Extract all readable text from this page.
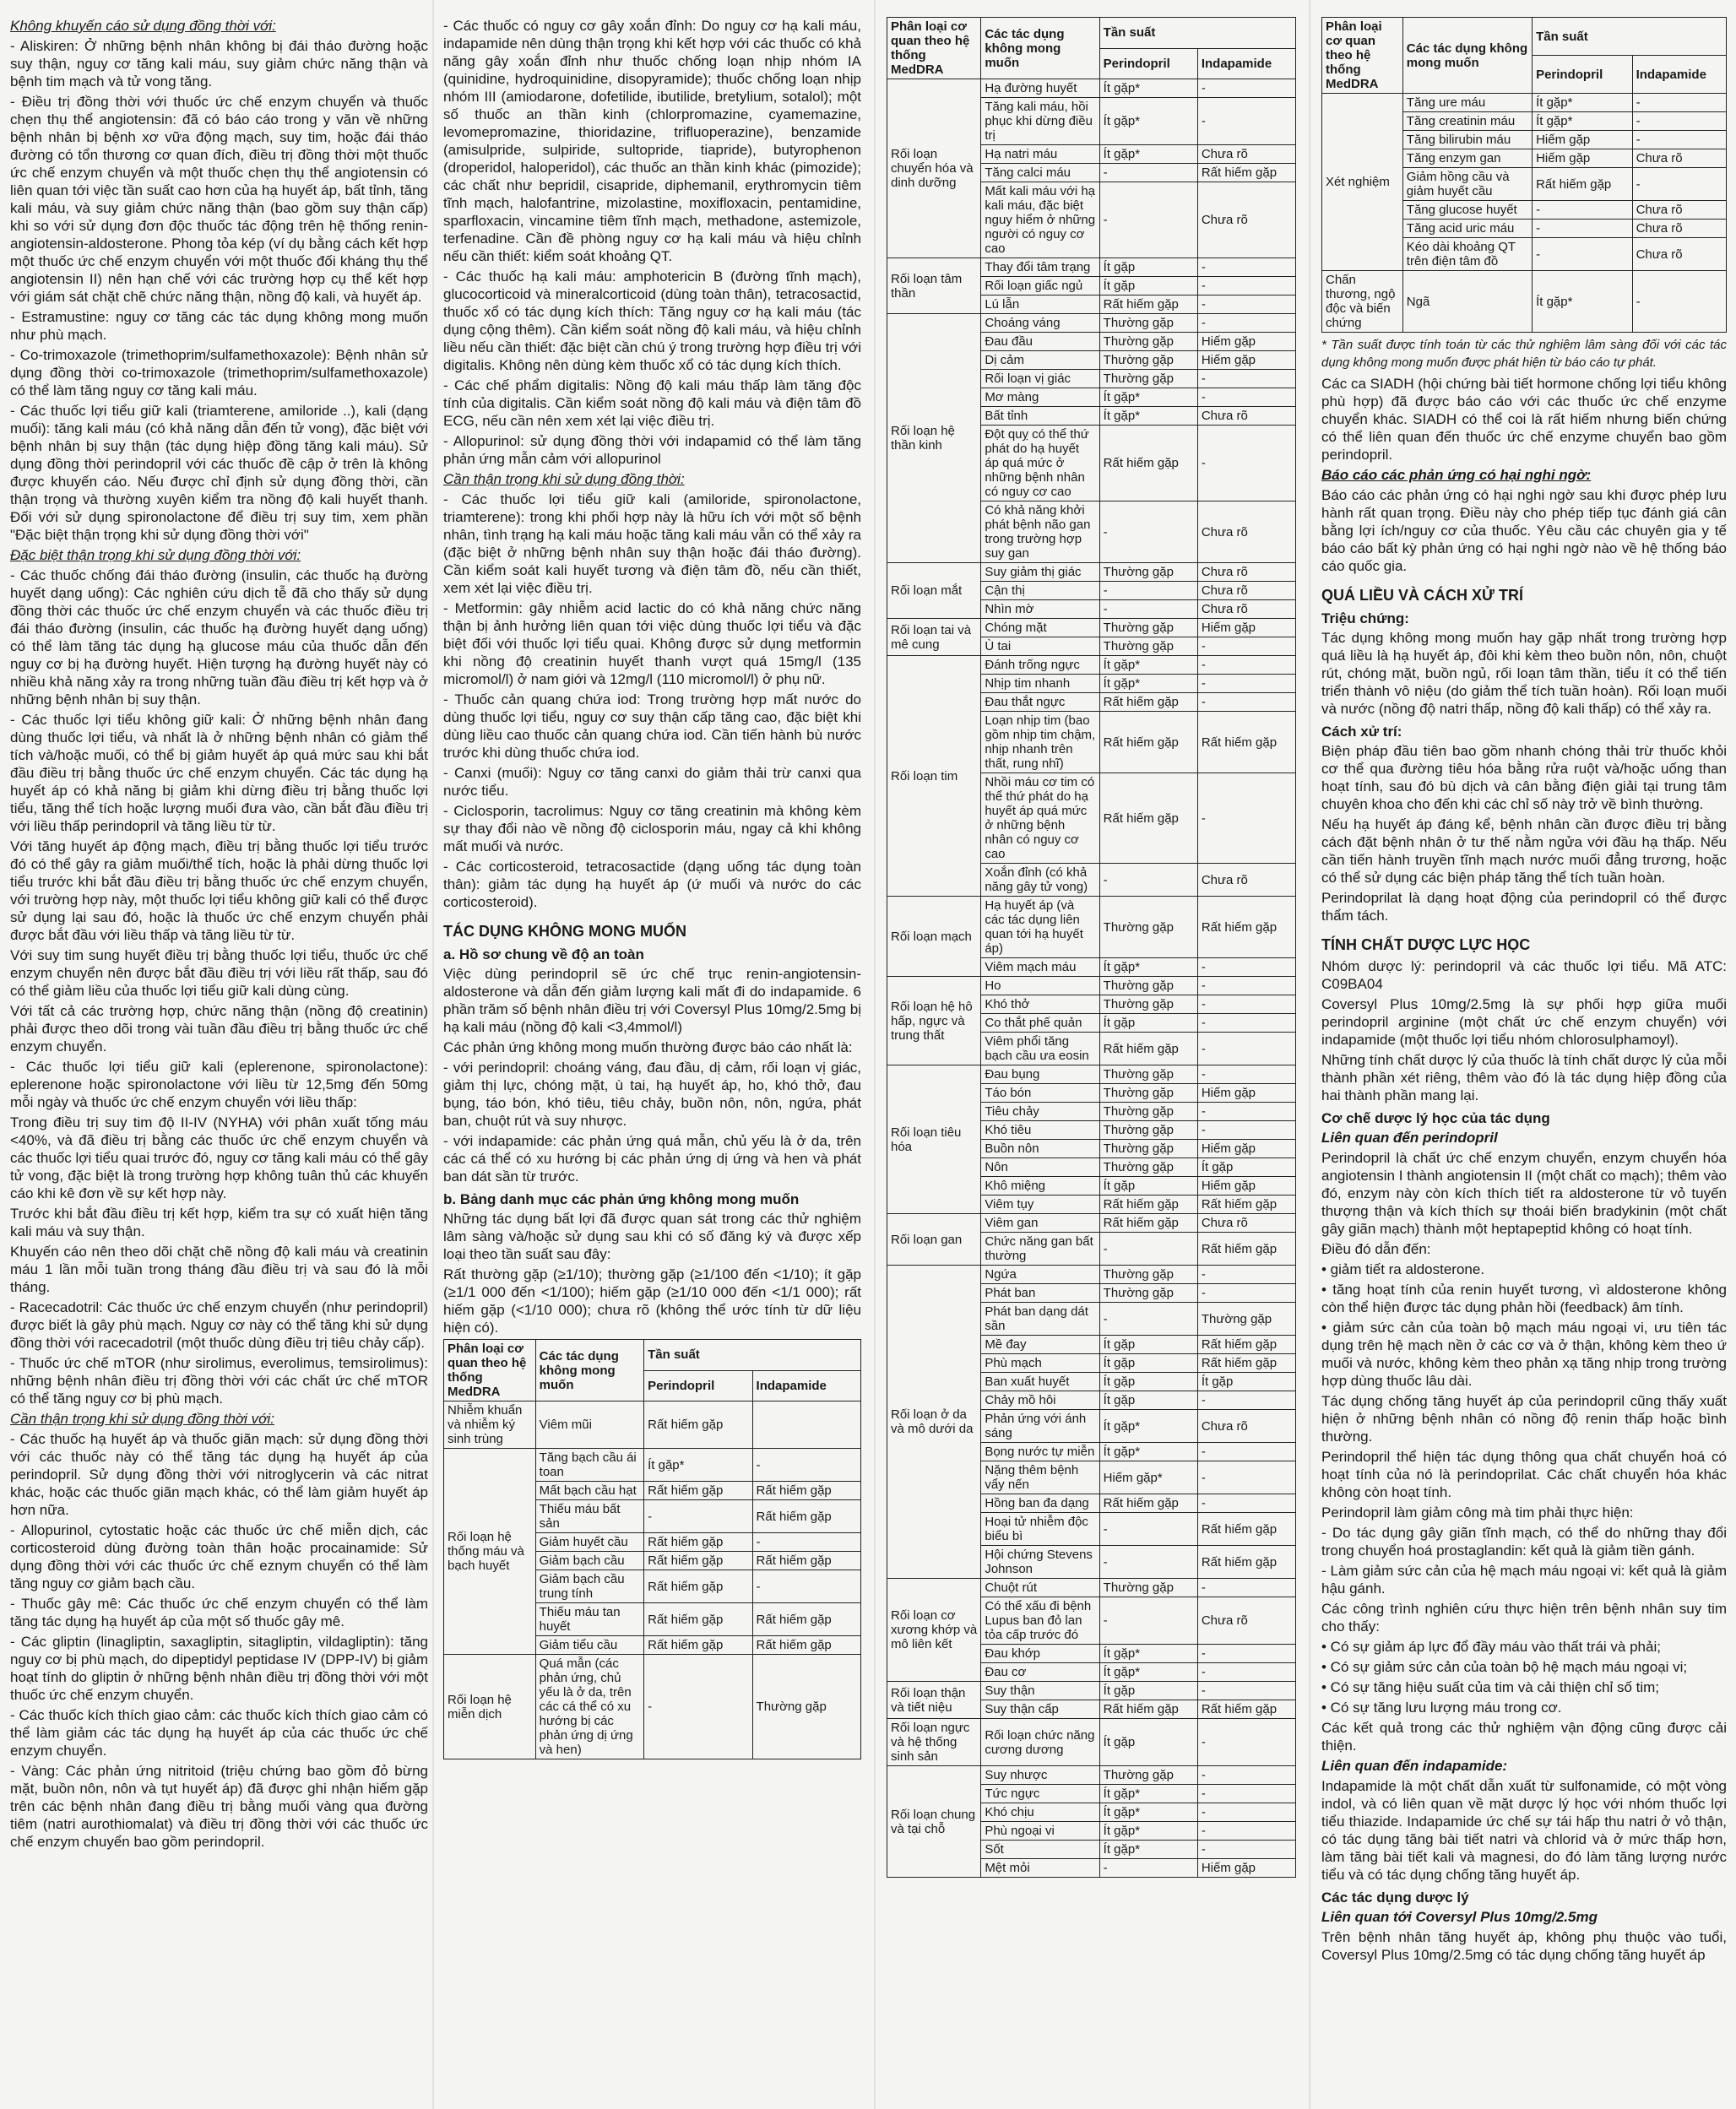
Không khuyến cáo sử dụng đồng thời với:

- Aliskiren: Ở những bệnh nhân không bị đái tháo đường hoặc suy thận, nguy cơ tăng kali máu, suy giảm chức năng thận và bệnh tim mạch và tử vong tăng.

- Điều trị đồng thời với thuốc ức chế enzym chuyển và thuốc chẹn thụ thể angiotensin: đã có báo cáo trong y văn về những bệnh nhân bị bệnh xơ vữa động mạch, suy tim, hoặc đái tháo đường có tổn thương cơ quan đích, điều trị đồng thời một thuốc ức chế enzym chuyển và một thuốc chẹn thụ thể angiotensin có liên quan tới việc tần suất cao hơn của hạ huyết áp, bất tỉnh, tăng kali máu, và suy giảm chức năng thận (bao gồm suy thận cấp) khi so với sử dụng đơn độc thuốc tác động trên hệ thống renin-angiotensin-aldosterone. Phong tỏa kép (ví dụ bằng cách kết hợp một thuốc ức chế enzym chuyển với một thuốc đối kháng thụ thể angiotensin II) nên hạn chế với các trường hợp cụ thể kết hợp với giám sát chặt chẽ chức năng thận, nồng độ kali, và huyết áp.

- Estramustine: nguy cơ tăng các tác dụng không mong muốn như phù mạch.

- Co-trimoxazole (trimethoprim/sulfamethoxazole): Bệnh nhân sử dụng đồng thời co-trimoxazole (trimethoprim/sulfamethoxazole) có thể làm tăng nguy cơ tăng kali máu.

- Các thuốc lợi tiểu giữ kali (triamterene, amiloride ..), kali (dạng muối): tăng kali máu (có khả năng dẫn đến tử vong), đặc biệt với bệnh nhân bị suy thận (tác dụng hiệp đồng tăng kali máu). Sử dụng đồng thời perindopril với các thuốc đề cập ở trên là không được khuyến cáo. Nếu được chỉ định sử dụng đồng thời, cần thận trọng và thường xuyên kiểm tra nồng độ kali huyết thanh. Đối với sử dụng spironolactone để điều trị suy tim, xem phần "Đặc biệt thận trọng khi sử dụng đồng thời với"

Đặc biệt thận trọng khi sử dụng đồng thời với:

- Các thuốc chống đái tháo đường (insulin, các thuốc hạ đường huyết dạng uống): Các nghiên cứu dịch tễ đã cho thấy sử dụng đồng thời các thuốc ức chế enzym chuyển và các thuốc điều trị đái tháo đường (insulin, các thuốc hạ đường huyết dạng uống) có thể làm tăng tác dụng hạ glucose máu của thuốc dẫn đến nguy cơ bị hạ đường huyết. Hiện tượng hạ đường huyết này có nhiều khả năng xảy ra trong những tuần đầu điều trị kết hợp và ở những bệnh nhân bị suy thận.

- Các thuốc lợi tiểu không giữ kali: Ở những bệnh nhân đang dùng thuốc lợi tiểu, và nhất là ở những bệnh nhân có giảm thể tích và/hoặc muối, có thể bị giảm huyết áp quá mức sau khi bắt đầu điều trị bằng thuốc ức chế enzym chuyển. Các tác dụng hạ huyết áp có khả năng bị giảm khi dừng điều trị bằng thuốc lợi tiểu, tăng thể tích hoặc lượng muối đưa vào, cần bắt đầu điều trị với liều thấp perindopril và tăng liều từ từ.

Với tăng huyết áp động mạch, điều trị bằng thuốc lợi tiểu trước đó có thể gây ra giảm muối/thể tích, hoặc là phải dừng thuốc lợi tiểu trước khi bắt đầu điều trị bằng thuốc ức chế enzym chuyển, với trường hợp này, một thuốc lợi tiểu không giữ kali có thể được sử dụng lại sau đó, hoặc là thuốc ức chế enzym chuyển phải được bắt đầu với liều thấp và tăng liều từ từ.

Với suy tim sung huyết điều trị bằng thuốc lợi tiểu, thuốc ức chế enzym chuyển nên được bắt đầu điều trị với liều rất thấp, sau đó có thể giảm liều của thuốc lợi tiểu giữ kali dùng cùng.

Với tất cả các trường hợp, chức năng thận (nồng độ creatinin) phải được theo dõi trong vài tuần đầu điều trị bằng thuốc ức chế enzym chuyển.

- Các thuốc lợi tiểu giữ kali (eplerenone, spironolactone): eplerenone hoặc spironolactone với liều từ 12,5mg đến 50mg mỗi ngày và thuốc ức chế enzym chuyển với liều thấp:

Trong điều trị suy tim độ II-IV (NYHA) với phân xuất tống máu <40%, và đã điều trị bằng các thuốc ức chế enzym chuyển và các thuốc lợi tiểu quai trước đó, nguy cơ tăng kali máu có thể gây tử vong, đặc biệt là trong trường hợp không tuân thủ các khuyến cáo khi kê đơn về sự kết hợp này.

Trước khi bắt đầu điều trị kết hợp, kiểm tra sự có xuất hiện tăng kali máu và suy thận.

Khuyến cáo nên theo dõi chặt chẽ nồng độ kali máu và creatinin máu 1 lần mỗi tuần trong tháng đầu điều trị và sau đó là mỗi tháng.

- Racecadotril: Các thuốc ức chế enzym chuyển (như perindopril) được biết là gây phù mạch. Nguy cơ này có thể tăng khi sử dụng đồng thời với racecadotril (một thuốc dùng điều trị tiêu chảy cấp).

- Thuốc ức chế mTOR (như sirolimus, everolimus, temsirolimus): những bệnh nhân điều trị đồng thời với các chất ức chế mTOR có thể tăng nguy cơ bị phù mạch.

Cần thận trọng khi sử dụng đồng thời với:

- Các thuốc hạ huyết áp và thuốc giãn mạch: sử dụng đồng thời với các thuốc này có thể tăng tác dụng hạ huyết áp của perindopril. Sử dụng đồng thời với nitroglycerin và các nitrat khác, hoặc các thuốc giãn mạch khác, có thể làm giảm huyết áp hơn nữa.

- Allopurinol, cytostatic hoặc các thuốc ức chế miễn dịch, các corticosteroid dùng đường toàn thân hoặc procainamide: Sử dụng đồng thời với các thuốc ức chế eznym chuyển có thể làm tăng nguy cơ giảm bạch cầu.

- Thuốc gây mê: Các thuốc ức chế enzym chuyển có thể làm tăng tác dụng hạ huyết áp của một số thuốc gây mê.

- Các gliptin (linagliptin, saxagliptin, sitagliptin, vildagliptin): tăng nguy cơ bị phù mạch, do dipeptidyl peptidase IV (DPP-IV) bị giảm hoạt tính do gliptin ở những bệnh nhân điều trị đồng thời với một thuốc ức chế enzym chuyển.

- Các thuốc kích thích giao cảm: các thuốc kích thích giao cảm có thể làm giảm các tác dụng hạ huyết áp của các thuốc ức chế enzym chuyển.

- Vàng: Các phản ứng nitritoid (triệu chứng bao gồm đỏ bừng mặt, buồn nôn, nôn và tụt huyết áp) đã được ghi nhận hiếm gặp trên các bệnh nhân đang điều trị bằng muối vàng qua đường tiêm (natri aurothiomalat) và điều trị đồng thời với các thuốc ức chế enzym chuyển bao gồm perindopril.

- Các thuốc có nguy cơ gây xoắn đỉnh: Do nguy cơ hạ kali máu, indapamide nên dùng thận trọng khi kết hợp với các thuốc có khả năng gây xoắn đỉnh như thuốc chống loạn nhịp nhóm IA (quinidine, hydroquinidine, disopyramide); thuốc chống loạn nhịp nhóm III (amiodarone, dofetilide, ibutilide, bretylium, sotalol); một số thuốc an thần kinh (chlorpromazine, cyamemazine, levomepromazine, thioridazine, trifluoperazine), benzamide (amisulpride, sulpiride, sultopride, tiapride), butyrophenon (droperidol, haloperidol), các thuốc an thần kinh khác (pimozide); các chất như bepridil, cisapride, diphemanil, erythromycin tiêm tĩnh mạch, halofantrine, mizolastine, moxifloxacin, pentamidine, sparfloxacin, vincamine tiêm tĩnh mạch, methadone, astemizole, terfenadine. Cần đề phòng nguy cơ hạ kali máu và hiệu chỉnh nếu cần thiết: kiểm soát khoảng QT.

- Các thuốc hạ kali máu: amphotericin B (đường tĩnh mạch), glucocorticoid và mineralcorticoid (dùng toàn thân), tetracosactid, thuốc xổ có tác dụng kích thích: Tăng nguy cơ hạ kali máu (tác dụng cộng thêm). Cần kiểm soát nồng độ kali máu, và hiệu chỉnh liều nếu cần thiết: đặc biệt cần chú ý trong trường hợp điều trị với digitalis. Không nên dùng kèm thuốc xổ có tác dụng kích thích.

- Các chế phẩm digitalis: Nồng độ kali máu thấp làm tăng độc tính của digitalis. Cần kiểm soát nồng độ kali máu và điện tâm đồ ECG, nếu cần nên xem xét lại việc điều trị.

- Allopurinol: sử dụng đồng thời với indapamid có thể làm tăng phản ứng mẫn cảm với allopurinol

Cần thận trọng khi sử dụng đồng thời:

- Các thuốc lợi tiểu giữ kali (amiloride, spironolactone, triamterene): trong khi phối hợp này là hữu ích với một số bệnh nhân, tình trạng hạ kali máu hoặc tăng kali máu vẫn có thể xảy ra (đặc biệt ở những bệnh nhân suy thận hoặc đái tháo đường). Cần kiểm soát kali huyết tương và điện tâm đồ, nếu cần thiết, xem xét lại việc điều trị.

- Metformin: gây nhiễm acid lactic do có khả năng chức năng thận bị ảnh hưởng liên quan tới việc dùng thuốc lợi tiểu và đặc biệt đối với thuốc lợi tiểu quai. Không được sử dụng metformin khi nồng độ creatinin huyết thanh vượt quá 15mg/l (135 micromol/l) ở nam giới và 12mg/l (110 micromol/l) ở phụ nữ.

- Thuốc cản quang chứa iod: Trong trường hợp mất nước do dùng thuốc lợi tiểu, nguy cơ suy thận cấp tăng cao, đặc biệt khi dùng liều cao thuốc cản quang chứa iod. Cần tiến hành bù nước trước khi dùng thuốc chứa iod.

- Canxi (muối): Nguy cơ tăng canxi do giảm thải trừ canxi qua nước tiểu.

- Ciclosporin, tacrolimus: Nguy cơ tăng creatinin mà không kèm sự thay đổi nào về nồng độ ciclosporin máu, ngay cả khi không mất muối và nước.

- Các corticosteroid, tetracosactide (dạng uống tác dụng toàn thân): giảm tác dụng hạ huyết áp (ứ muối và nước do các corticosteroid).

TÁC DỤNG KHÔNG MONG MUỐN
a. Hồ sơ chung về độ an toàn

Việc dùng perindopril sẽ ức chế trục renin-angiotensin-aldosterone và dẫn đến giảm lượng kali mất đi do indapamide. 6 phần trăm số bệnh nhân điều trị với Coversyl Plus 10mg/2.5mg bị hạ kali máu (nồng độ kali <3,4mmol/l)

Các phản ứng không mong muốn thường được báo cáo nhất là:

- với perindopril: choáng váng, đau đầu, dị cảm, rối loạn vị giác, giảm thị lực, chóng mặt, ù tai, hạ huyết áp, ho, khó thở, đau bụng, táo bón, khó tiêu, tiêu chảy, buồn nôn, nôn, ngứa, phát ban, chuột rút và suy nhược.

- với indapamide: các phản ứng quá mẫn, chủ yếu là ở da, trên các cá thể có xu hướng bị các phản ứng dị ứng và hen và phát ban dát sần từ trước.

b. Bảng danh mục các phản ứng không mong muốn

Những tác dụng bất lợi đã được quan sát trong các thử nghiệm lâm sàng và/hoặc sử dụng sau khi có số đăng ký và được xếp loại theo tần suất sau đây:

Rất thường gặp (≥1/10); thường gặp (≥1/100 đến <1/10); ít gặp (≥1/1 000 đến <1/100); hiếm gặp (≥1/10 000 đến <1/1 000); rất hiếm gặp (<1/10 000); chưa rõ (không thể ước tính từ dữ liệu hiện có).

Phân loại cơ quan theo hệ thống MedDRA	Các tác dụng không mong muốn	Tần suất	
		Perindopril	Indapamide
Nhiễm khuẩn và nhiễm ký sinh trùng	Viêm mũi	Rất hiếm gặp	
Rối loạn hệ thống máu và bạch huyết	Tăng bạch cầu ái toan	Ít gặp*	-
	Mất bạch cầu hạt	Rất hiếm gặp	Rất hiếm gặp
	Thiếu máu bất sản	-	Rất hiếm gặp
	Giảm huyết cầu	Rất hiếm gặp	-
	Giảm bạch cầu	Rất hiếm gặp	Rất hiếm gặp
	Giảm bạch cầu trung tính	Rất hiếm gặp	-
	Thiếu máu tan huyết	Rất hiếm gặp	Rất hiếm gặp
	Giảm tiểu cầu	Rất hiếm gặp	Rất hiếm gặp
Rối loạn hệ miễn dịch	Quá mẫn (các phản ứng, chủ yếu là ở da, trên các cá thể có xu hướng bị các phản ứng dị ứng và hen)	-	Thường gặp
Phân loại cơ quan theo hệ thống MedDRA	Các tác dụng không mong muốn	Tần suất	
		Perindopril	Indapamide
Rối loạn chuyển hóa và dinh dưỡng	Hạ đường huyết	Ít gặp*	-
	Tăng kali máu, hồi phục khi dừng điều trị	Ít gặp*	-
	Hạ natri máu	Ít gặp*	Chưa rõ
	Tăng calci máu	-	Rất hiếm gặp
	Mất kali máu với hạ kali máu, đặc biệt nguy hiểm ở những người có nguy cơ cao	-	Chưa rõ
Rối loạn tâm thần	Thay đổi tâm trạng	Ít gặp	-
	Rối loạn giấc ngủ	Ít gặp	-
	Lú lẫn	Rất hiếm gặp	-
Rối loạn hệ thần kinh	Choáng váng	Thường gặp	-
	Đau đầu	Thường gặp	Hiếm gặp
	Dị cảm	Thường gặp	Hiếm gặp
	Rối loạn vị giác	Thường gặp	-
	Mơ màng	Ít gặp*	-
	Bất tỉnh	Ít gặp*	Chưa rõ
	Đột quỵ có thể thứ phát do hạ huyết áp quá mức ở những bệnh nhân có nguy cơ cao	Rất hiếm gặp	-
	Có khả năng khởi phát bệnh não gan trong trường hợp suy gan	-	Chưa rõ
Rối loạn mắt	Suy giảm thị giác	Thường gặp	Chưa rõ
	Cận thị	-	Chưa rõ
	Nhìn mờ	-	Chưa rõ
Rối loạn tai và mê cung	Chóng mặt	Thường gặp	Hiếm gặp
	Ù tai	Thường gặp	-
Rối loạn tim	Đánh trống ngực	Ít gặp*	-
	Nhịp tim nhanh	Ít gặp*	-
	Đau thắt ngực	Rất hiếm gặp	-
	Loạn nhịp tim (bao gồm nhịp tim chậm, nhịp nhanh trên thất, rung nhĩ)	Rất hiếm gặp	Rất hiếm gặp
	Nhồi máu cơ tim có thể thứ phát do hạ huyết áp quá mức ở những bệnh nhân có nguy cơ cao	Rất hiếm gặp	-
	Xoắn đỉnh (có khả năng gây tử vong)	-	Chưa rõ
Rối loạn mạch	Hạ huyết áp (và các tác dụng liên quan tới hạ huyết áp)	Thường gặp	Rất hiếm gặp
	Viêm mạch máu	Ít gặp*	-
Rối loạn hệ hô hấp, ngực và trung thất	Ho	Thường gặp	-
	Khó thở	Thường gặp	-
	Co thắt phế quản	Ít gặp	-
	Viêm phổi tăng bạch cầu ưa eosin	Rất hiếm gặp	-
Rối loạn tiêu hóa	Đau bụng	Thường gặp	-
	Táo bón	Thường gặp	Hiếm gặp
	Tiêu chảy	Thường gặp	-
	Khó tiêu	Thường gặp	-
	Buồn nôn	Thường gặp	Hiếm gặp
	Nôn	Thường gặp	Ít gặp
	Khô miệng	Ít gặp	Hiếm gặp
	Viêm tụy	Rất hiếm gặp	Rất hiếm gặp
Rối loạn gan	Viêm gan	Rất hiếm gặp	Chưa rõ
	Chức năng gan bất thường	-	Rất hiếm gặp
Rối loạn ở da và mô dưới da	Ngứa	Thường gặp	-
	Phát ban	Thường gặp	-
	Phát ban dạng dát sần	-	Thường gặp
	Mề đay	Ít gặp	Rất hiếm gặp
	Phù mạch	Ít gặp	Rất hiếm gặp
	Ban xuất huyết	Ít gặp	Ít gặp
	Chảy mồ hôi	Ít gặp	-
	Phản ứng với ánh sáng	Ít gặp*	Chưa rõ
	Bọng nước tự miễn	Ít gặp*	-
	Nặng thêm bệnh vẩy nến	Hiếm gặp*	-
	Hồng ban đa dạng	Rất hiếm gặp	-
	Hoại tử nhiễm độc biểu bì	-	Rất hiếm gặp
	Hội chứng Stevens Johnson	-	Rất hiếm gặp
Rối loạn cơ xương khớp và mô liên kết	Chuột rút	Thường gặp	-
	Có thể xấu đi bệnh Lupus ban đỏ lan tỏa cấp trước đó	-	Chưa rõ
	Đau khớp	Ít gặp*	-
	Đau cơ	Ít gặp*	-
Rối loạn thận và tiết niệu	Suy thận	Ít gặp	-
	Suy thận cấp	Rất hiếm gặp	Rất hiếm gặp
Rối loạn ngực và hệ thống sinh sản	Rối loạn chức năng cương dương	Ít gặp	-
Rối loạn chung và tại chỗ	Suy nhược	Thường gặp	-
	Tức ngực	Ít gặp*	-
	Khó chịu	Ít gặp*	-
	Phù ngoại vi	Ít gặp*	-
	Sốt	Ít gặp*	-
	Mệt mỏi	-	Hiếm gặp
Phân loại cơ quan theo hệ thống MedDRA	Các tác dụng không mong muốn	Tần suất	
		Perindopril	Indapamide
Xét nghiệm	Tăng ure máu	Ít gặp*	-
	Tăng creatinin máu	Ít gặp*	-
	Tăng bilirubin máu	Hiếm gặp	-
	Tăng enzym gan	Hiếm gặp	Chưa rõ
	Giảm hồng cầu và giảm huyết cầu	Rất hiếm gặp	-
	Tăng glucose huyết	-	Chưa rõ
	Tăng acid uric máu	-	Chưa rõ
	Kéo dài khoảng QT trên điện tâm đồ	-	Chưa rõ
Chấn thương, ngộ độc và biến chứng	Ngã	Ít gặp*	-

* Tần suất được tính toán từ các thử nghiệm lâm sàng đối với các tác dụng không mong muốn được phát hiện từ báo cáo tự phát.

Các ca SIADH (hội chứng bài tiết hormone chống lợi tiểu không phù hợp) đã được báo cáo với các thuốc ức chế enzyme chuyển khác. SIADH có thể coi là rất hiếm nhưng biến chứng có thể liên quan đến thuốc ức chế enzyme chuyển bao gồm perindopril.

Báo cáo các phản ứng có hại nghi ngờ:

Báo cáo các phản ứng có hại nghi ngờ sau khi được phép lưu hành rất quan trọng. Điều này cho phép tiếp tục đánh giá cân bằng lợi ích/nguy cơ của thuốc. Yêu cầu các chuyên gia y tế báo cáo bất kỳ phản ứng có hại nghi ngờ nào về hệ thống báo cáo quốc gia.

QUÁ LIỀU VÀ CÁCH XỬ TRÍ
Triệu chứng:

Tác dụng không mong muốn hay gặp nhất trong trường hợp quá liều là hạ huyết áp, đôi khi kèm theo buồn nôn, nôn, chuột rút, chóng mặt, buồn ngủ, rối loạn tâm thần, tiểu ít có thể tiến triển thành vô niệu (do giảm thể tích tuần hoàn). Rối loạn muối và nước (nồng độ natri thấp, nồng độ kali thấp) có thể xảy ra.

Cách xử trí:

Biện pháp đầu tiên bao gồm nhanh chóng thải trừ thuốc khỏi cơ thể qua đường tiêu hóa bằng rửa ruột và/hoặc uống than hoạt tính, sau đó bù dịch và cân bằng điện giải tại trung tâm chuyên khoa cho đến khi các chỉ số này trở về bình thường.

Nếu hạ huyết áp đáng kể, bệnh nhân cần được điều trị bằng cách đặt bệnh nhân ở tư thế nằm ngửa với đầu hạ thấp. Nếu cần tiến hành truyền tĩnh mạch nước muối đẳng trương, hoặc có thể sử dụng các biện pháp tăng thể tích tuần hoàn.

Perindoprilat là dạng hoạt động của perindopril có thể được thẩm tách.

TÍNH CHẤT DƯỢC LỰC HỌC

Nhóm dược lý: perindopril và các thuốc lợi tiểu. Mã ATC: C09BA04

Coversyl Plus 10mg/2.5mg là sự phối hợp giữa muối perindopril arginine (một chất ức chế enzym chuyển) với indapamide (một thuốc lợi tiểu nhóm chlorosulphamoyl).

Những tính chất dược lý của thuốc là tính chất dược lý của mỗi thành phần xét riêng, thêm vào đó là tác dụng hiệp đồng của hai thành phần mang lại.

Cơ chế dược lý học của tác dụng

Liên quan đến perindopril

Perindopril là chất ức chế enzym chuyển, enzym chuyển hóa angiotensin I thành angiotensin II (một chất co mạch); thêm vào đó, enzym này còn kích thích tiết ra aldosterone từ vỏ tuyến thượng thận và kích thích sự thoái biến bradykinin (một chất gây giãn mạch) thành một heptapeptid không có hoạt tính.

Điều đó dẫn đến:

• giảm tiết ra aldosterone.

• tăng hoạt tính của renin huyết tương, vì aldosterone không còn thể hiện được tác dụng phản hồi (feedback) âm tính.

• giảm sức cản của toàn bộ mạch máu ngoại vi, ưu tiên tác dụng trên hệ mạch nền ở các cơ và ở thận, không kèm theo ứ muối và nước, không kèm theo phản xạ tăng nhịp trong trường hợp dùng thuốc lâu dài.

Tác dụng chống tăng huyết áp của perindopril cũng thấy xuất hiện ở những bệnh nhân có nồng độ renin thấp hoặc bình thường.

Perindopril thể hiện tác dụng thông qua chất chuyển hoá có hoạt tính của nó là perindoprilat. Các chất chuyển hóa khác không còn hoạt tính.

Perindopril làm giảm công mà tim phải thực hiện:

- Do tác dụng gây giãn tĩnh mạch, có thể do những thay đổi trong chuyển hoá prostaglandin: kết quả là giảm tiền gánh.

- Làm giảm sức cản của hệ mạch máu ngoại vi: kết quả là giảm hậu gánh.

Các công trình nghiên cứu thực hiện trên bệnh nhân suy tim cho thấy:

• Có sự giảm áp lực đổ đầy máu vào thất trái và phải;

• Có sự giảm sức cản của toàn bộ hệ mạch máu ngoại vi;

• Có sự tăng hiệu suất của tim và cải thiện chỉ số tim;

• Có sự tăng lưu lượng máu trong cơ.

Các kết quả trong các thử nghiệm vận động cũng được cải thiện.

Liên quan đến indapamide:

Indapamide là một chất dẫn xuất từ sulfonamide, có một vòng indol, và có liên quan về mặt dược lý học với nhóm thuốc lợi tiểu thiazide. Indapamide ức chế sự tái hấp thu natri ở vỏ thận, có tác dụng tăng bài tiết natri và chlorid và ở mức thấp hơn, làm tăng bài tiết kali và magnesi, do đó làm tăng lượng nước tiểu và có tác dụng chống tăng huyết áp.

Các tác dụng dược lý

Liên quan tới Coversyl Plus 10mg/2.5mg

Trên bệnh nhân tăng huyết áp, không phụ thuộc vào tuổi, Coversyl Plus 10mg/2.5mg có tác dụng chống tăng huyết áp
